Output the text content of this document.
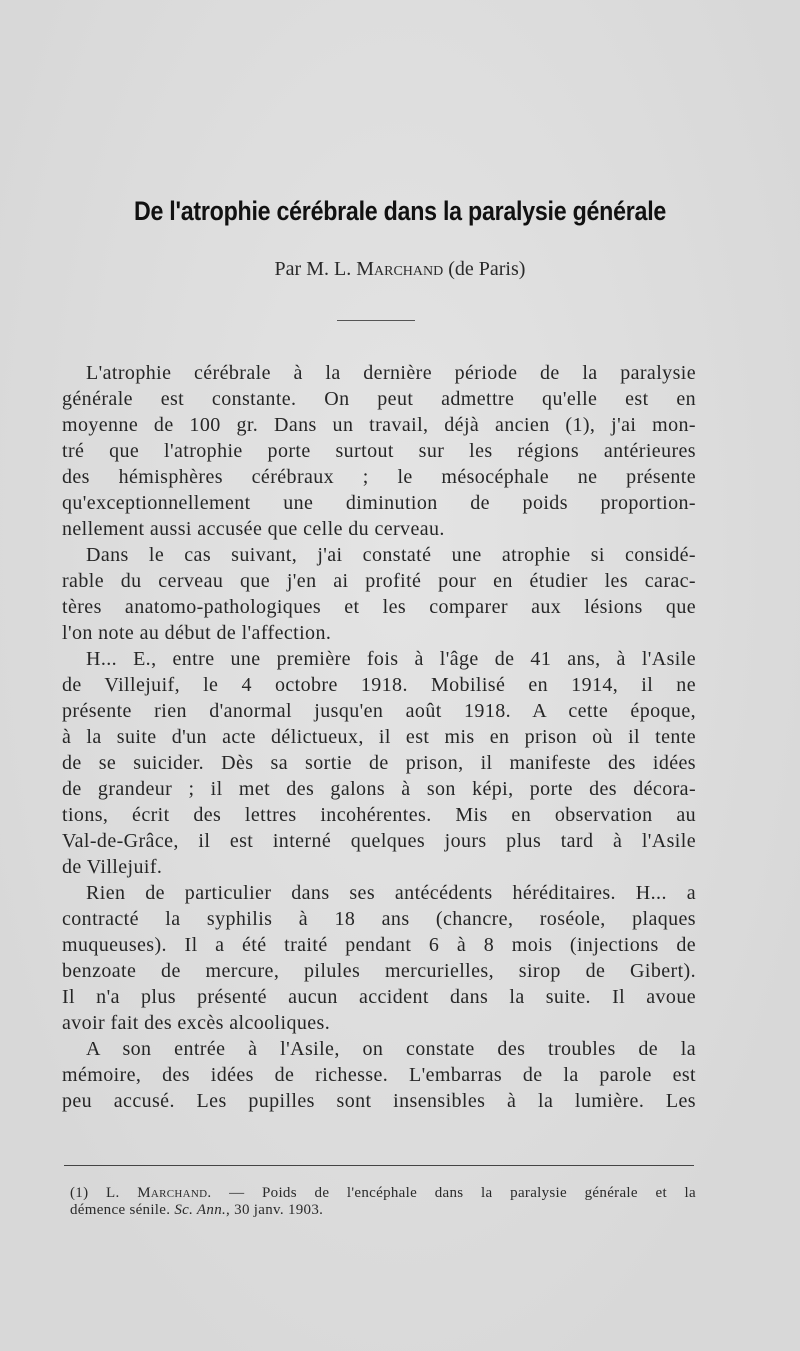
De l'atrophie cérébrale dans la paralysie générale
Par M. L. Marchand (de Paris)
L'atrophie cérébrale à la dernière période de la paralysie
générale est constante. On peut admettre qu'elle est en
moyenne de 100 gr. Dans un travail, déjà ancien (1), j'ai mon-
tré que l'atrophie porte surtout sur les régions antérieures
des hémisphères cérébraux ; le mésocéphale ne présente
qu'exceptionnellement une diminution de poids proportion-
nellement aussi accusée que celle du cerveau.
Dans le cas suivant, j'ai constaté une atrophie si considé-
rable du cerveau que j'en ai profité pour en étudier les carac-
tères anatomo-pathologiques et les comparer aux lésions que
l'on note au début de l'affection.
H... E., entre une première fois à l'âge de 41 ans, à l'Asile
de Villejuif, le 4 octobre 1918. Mobilisé en 1914, il ne
présente rien d'anormal jusqu'en août 1918. A cette époque,
à la suite d'un acte délictueux, il est mis en prison où il tente
de se suicider. Dès sa sortie de prison, il manifeste des idées
de grandeur ; il met des galons à son képi, porte des décora-
tions, écrit des lettres incohérentes. Mis en observation au
Val-de-Grâce, il est interné quelques jours plus tard à l'Asile
de Villejuif.
Rien de particulier dans ses antécédents héréditaires. H... a
contracté la syphilis à 18 ans (chancre, roséole, plaques
muqueuses). Il a été traité pendant 6 à 8 mois (injections de
benzoate de mercure, pilules mercurielles, sirop de Gibert).
Il n'a plus présenté aucun accident dans la suite. Il avoue
avoir fait des excès alcooliques.
A son entrée à l'Asile, on constate des troubles de la
mémoire, des idées de richesse. L'embarras de la parole est
peu accusé. Les pupilles sont insensibles à la lumière. Les
(1) L. Marchand. — Poids de l'encéphale dans la paralysie générale et la
démence sénile. Sc. Ann., 30 janv. 1903.
